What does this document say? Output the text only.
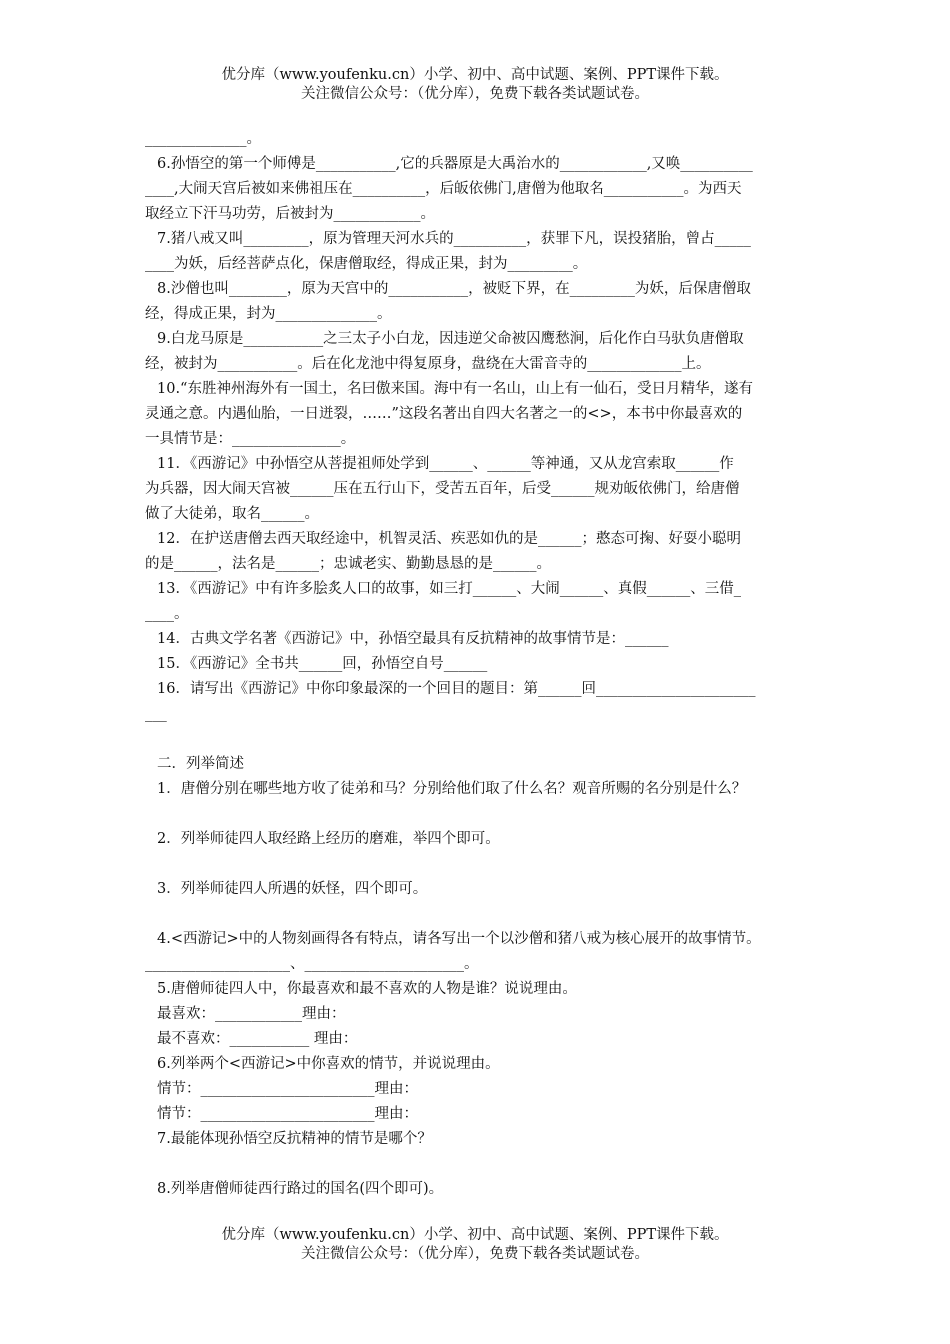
优分库（www.youfenku.cn）小学、初中、高中试题、案例、PPT课件下载。
关注微信公众号：（优分库），免费下载各类试题试卷。

______________。

6.孙悟空的第一个师傅是___________,它的兵器原是大禹治水的____________,又唤__________

____,大闹天宫后被如来佛祖压在__________，后皈依佛门,唐僧为他取名___________。为西天

取经立下汗马功劳，后被封为____________。

7.猪八戒又叫_________，原为管理天河水兵的__________，获罪下凡，误投猪胎，曾占_____

____为妖，后经菩萨点化，保唐僧取经，得成正果，封为_________。

8.沙僧也叫________，原为天宫中的___________，被贬下界，在_________为妖，后保唐僧取

经，得成正果，封为______________。

9.白龙马原是___________之三太子小白龙，因违逆父命被囚鹰愁涧，后化作白马驮负唐僧取

经，被封为___________。后在化龙池中得复原身，盘绕在大雷音寺的_____________上。

10.“东胜神州海外有一国土，名曰傲来国。海中有一名山，山上有一仙石，受日月精华，遂有

灵通之意。内遇仙胎，一日迸裂，……”这段名著出自四大名著之一的<>，本书中你最喜欢的

一具情节是：_______________。

11．《西游记》中孙悟空从菩提祖师处学到______、______等神通，又从龙宫索取______作

为兵器，因大闹天宫被______压在五行山下，受苦五百年，后受______规劝皈依佛门，给唐僧

做了大徒弟，取名______。

12．在护送唐僧去西天取经途中，机智灵活、疾恶如仇的是______；憨态可掬、好耍小聪明

的是______，法名是______；忠诚老实、勤勤恳恳的是______。

13．《西游记》中有许多脍炙人口的故事，如三打______、大闹______、真假______、三借_

____。

14．古典文学名著《西游记》中，孙悟空最具有反抗精神的故事情节是：______

15．《西游记》全书共______回，孙悟空自号______

16．请写出《西游记》中你印象最深的一个回目的题目：第______回______________________

___

二．列举简述

1．唐僧分别在哪些地方收了徒弟和马？分别给他们取了什么名？观音所赐的名分别是什么？

2．列举师徒四人取经路上经历的磨难，举四个即可。

3．列举师徒四人所遇的妖怪，四个即可。

4.<西游记>中的人物刻画得各有特点，请各写出一个以沙僧和猪八戒为核心展开的故事情节。

____________________、______________________。

5.唐僧师徒四人中，你最喜欢和最不喜欢的人物是谁？说说理由。

最喜欢：____________理由：

最不喜欢：___________ 理由：

6.列举两个<西游记>中你喜欢的情节，并说说理由。

情节：________________________理由：

情节：________________________理由：

7.最能体现孙悟空反抗精神的情节是哪个？

8.列举唐僧师徒西行路过的国名(四个即可)。

优分库（www.youfenku.cn）小学、初中、高中试题、案例、PPT课件下载。
关注微信公众号：（优分库），免费下载各类试题试卷。
